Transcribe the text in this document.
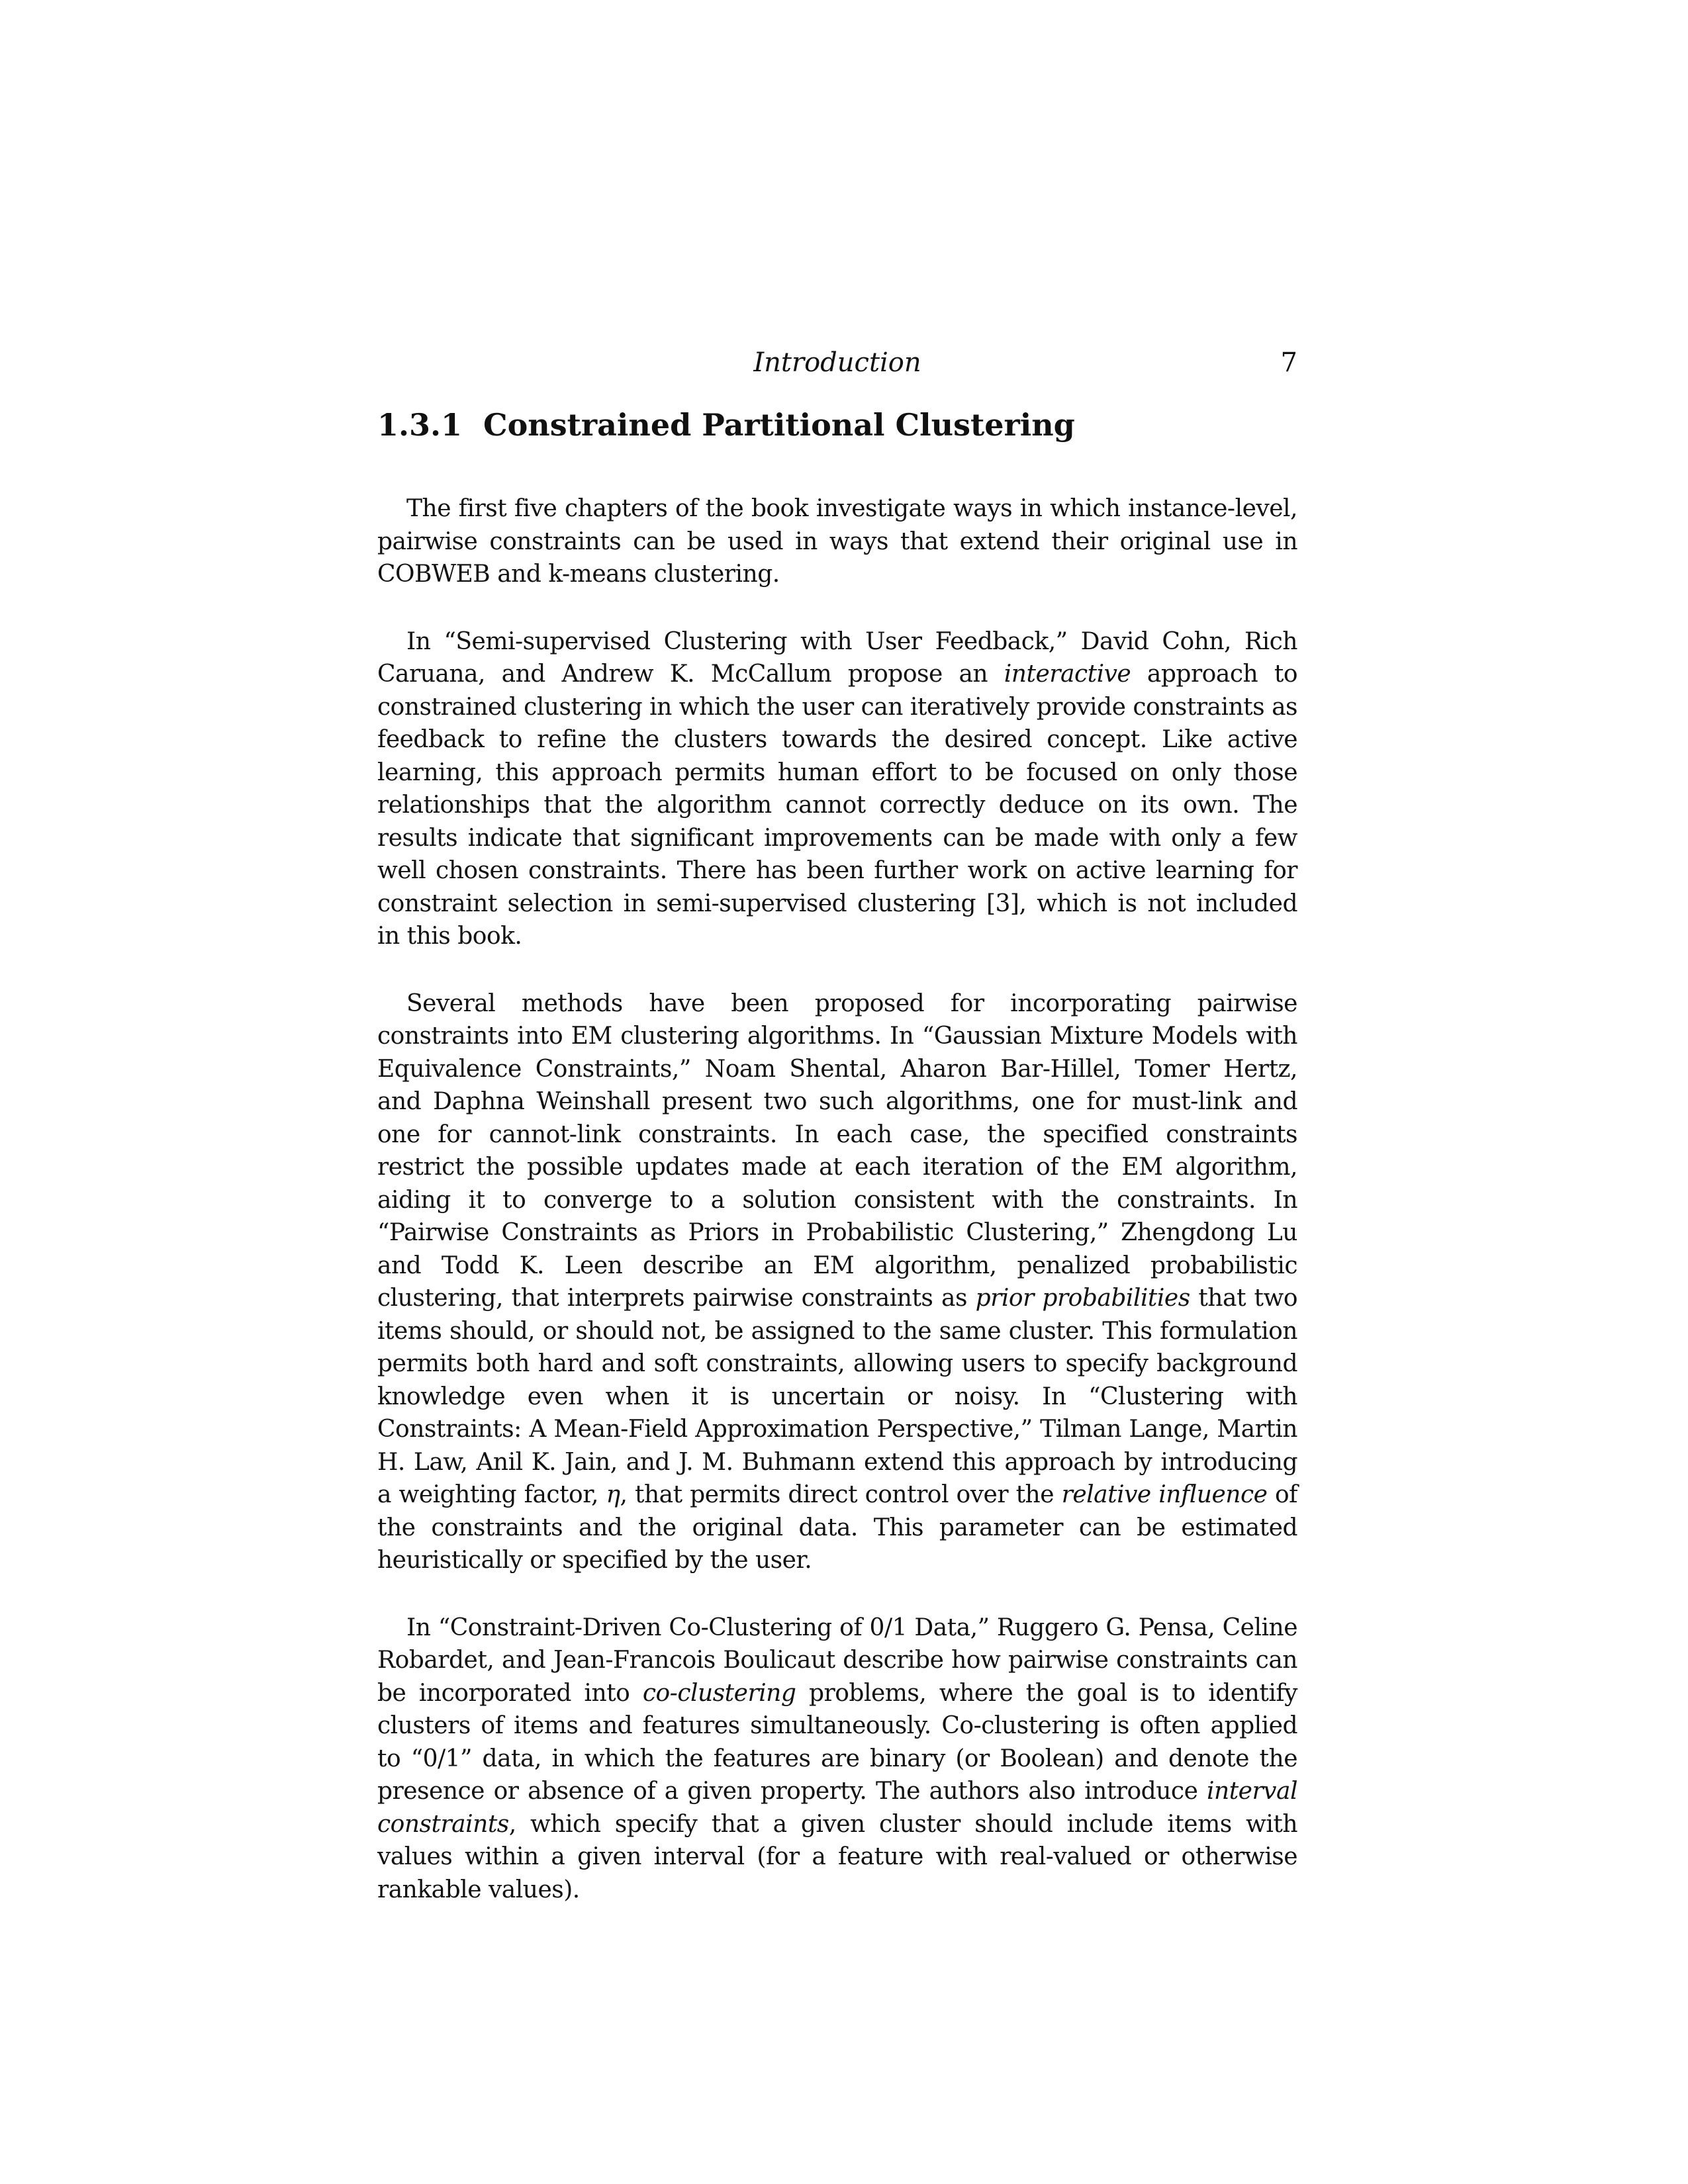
Introduction	7
1.3.1 Constrained Partitional Clustering

The first five chapters of the book investigate ways in which instance-level, pairwise constraints can be used in ways that extend their original use in COBWEB and k-means clustering.

In “Semi-supervised Clustering with User Feedback,” David Cohn, Rich Caruana, and Andrew K. McCallum propose an interactive approach to constrained clustering in which the user can iteratively provide constraints as feedback to refine the clusters towards the desired concept. Like active learning, this approach permits human effort to be focused on only those relationships that the algorithm cannot correctly deduce on its own. The results indicate that significant improvements can be made with only a few well chosen constraints. There has been further work on active learning for constraint selection in semi-supervised clustering [3], which is not included in this book.

Several methods have been proposed for incorporating pairwise constraints into EM clustering algorithms. In “Gaussian Mixture Models with Equivalence Constraints,” Noam Shental, Aharon Bar-Hillel, Tomer Hertz, and Daphna Weinshall present two such algorithms, one for must-link and one for cannot-link constraints. In each case, the specified constraints restrict the possible updates made at each iteration of the EM algorithm, aiding it to converge to a solution consistent with the constraints. In “Pairwise Constraints as Priors in Probabilistic Clustering,” Zhengdong Lu and Todd K. Leen describe an EM algorithm, penalized probabilistic clustering, that interprets pairwise constraints as prior probabilities that two items should, or should not, be assigned to the same cluster. This formulation permits both hard and soft constraints, allowing users to specify background knowledge even when it is uncertain or noisy. In “Clustering with Constraints: A Mean-Field Approximation Perspective,” Tilman Lange, Martin H. Law, Anil K. Jain, and J. M. Buhmann extend this approach by introducing a weighting factor, η, that permits direct control over the relative influence of the constraints and the original data. This parameter can be estimated heuristically or specified by the user.

In “Constraint-Driven Co-Clustering of 0/1 Data,” Ruggero G. Pensa, Celine Robardet, and Jean-Francois Boulicaut describe how pairwise constraints can be incorporated into co-clustering problems, where the goal is to identify clusters of items and features simultaneously. Co-clustering is often applied to “0/1” data, in which the features are binary (or Boolean) and denote the presence or absence of a given property. The authors also introduce interval constraints, which specify that a given cluster should include items with values within a given interval (for a feature with real-valued or otherwise rankable values).
